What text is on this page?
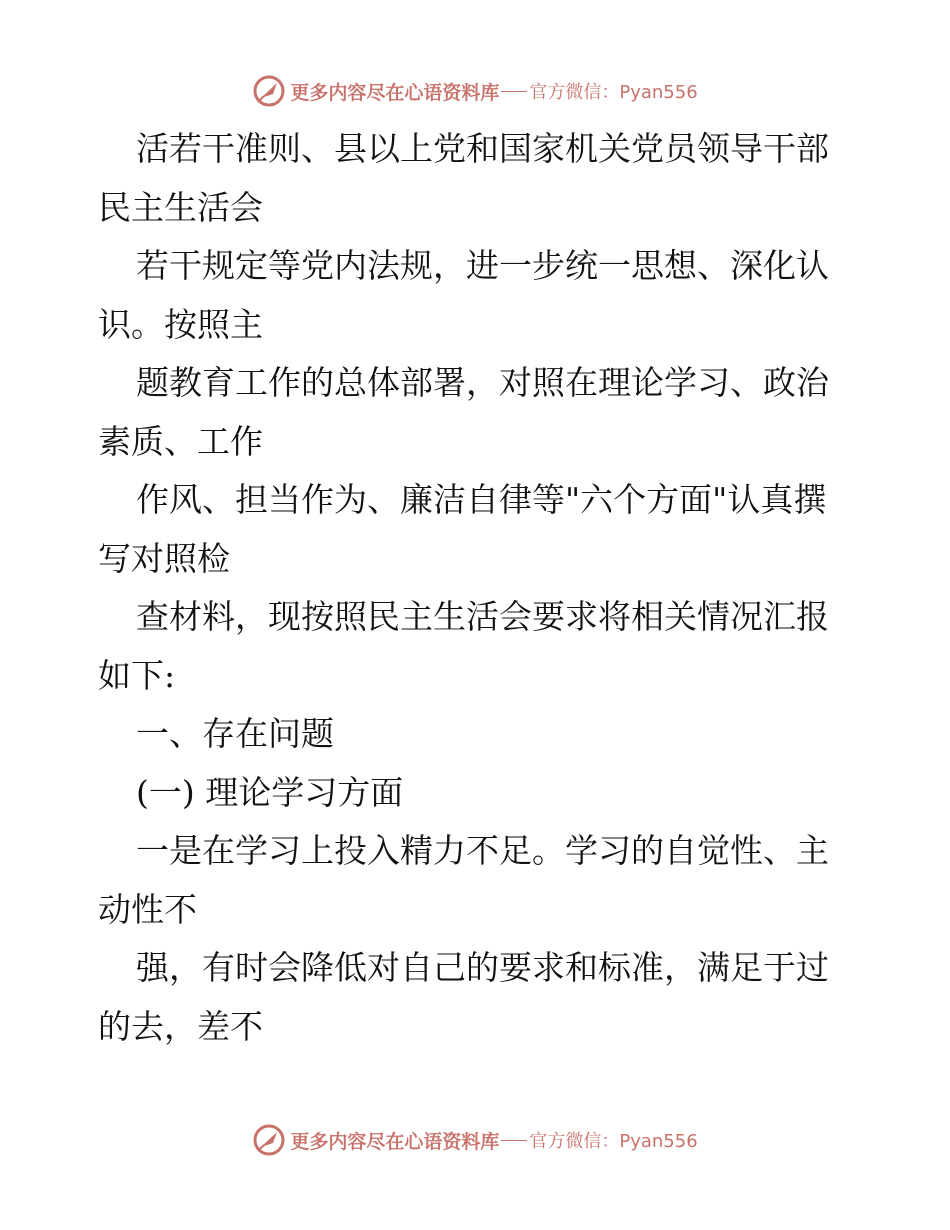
更多内容尽在心语资料库 官方微信：Pyan556
活若干准则、县以上党和国家机关党员领导干部
民主生活会
若干规定等党内法规，进一步统一思想、深化认
识。按照主
题教育工作的总体部署，对照在理论学习、政治
素质、工作
作风、担当作为、廉洁自律等"六个方面"认真撰
写对照检
查材料，现按照民主生活会要求将相关情况汇报
如下:
一、存在问题
(一) 理论学习方面
一是在学习上投入精力不足。学习的自觉性、主
动性不
强，有时会降低对自己的要求和标准，满足于过
的去，差不
更多内容尽在心语资料库 官方微信：Pyan556
